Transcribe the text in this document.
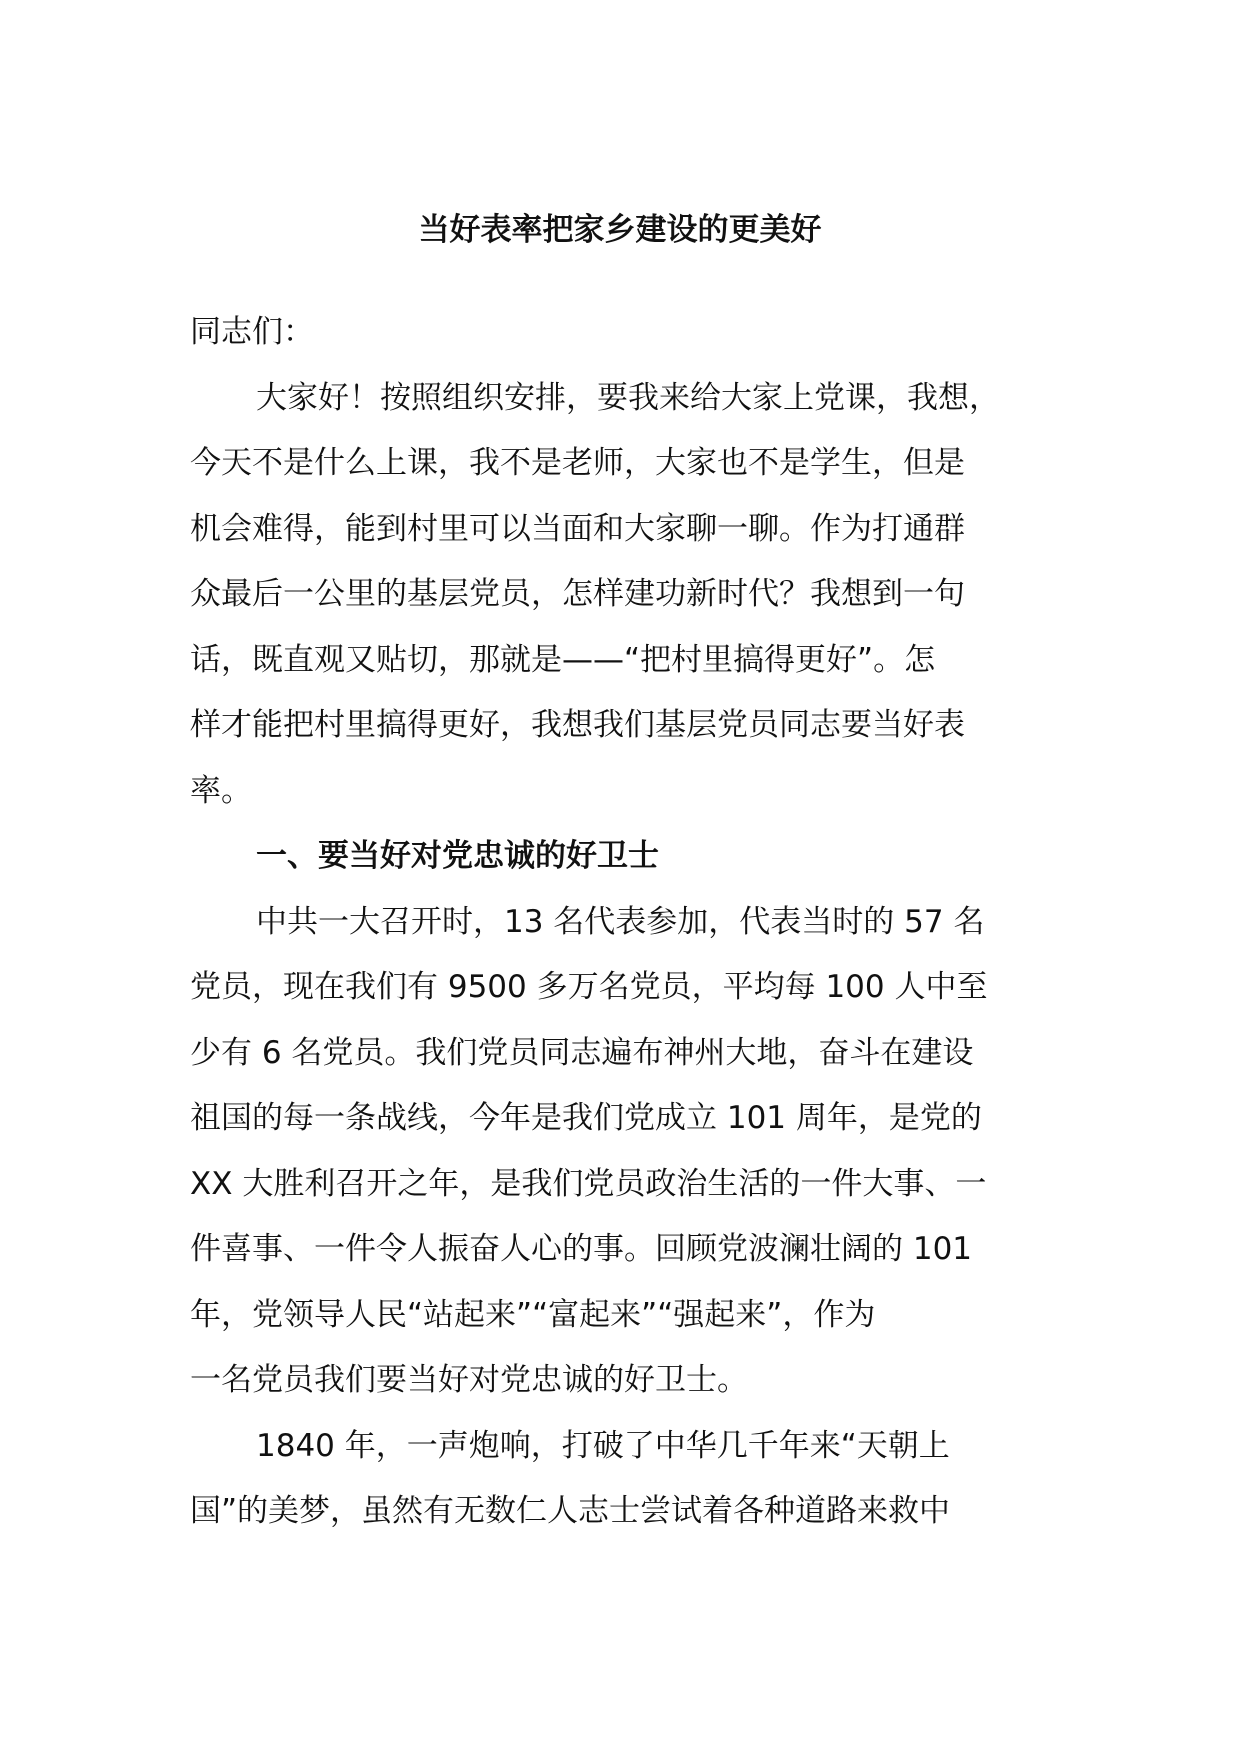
当好表率把家乡建设的更美好

同志们：

大家好！按照组织安排，要我来给大家上党课，我想，
今天不是什么上课，我不是老师，大家也不是学生，但是
机会难得，能到村里可以当面和大家聊一聊。作为打通群
众最后一公里的基层党员，怎样建功新时代？我想到一句
话，既直观又贴切，那就是——“把村里搞得更好”。怎
样才能把村里搞得更好，我想我们基层党员同志要当好表
率。

一、要当好对党忠诚的好卫士

中共一大召开时，13 名代表参加，代表当时的 57 名
党员，现在我们有 9500 多万名党员，平均每 100 人中至
少有 6 名党员。我们党员同志遍布神州大地，奋斗在建设
祖国的每一条战线，今年是我们党成立 101 周年，是党的
XX 大胜利召开之年，是我们党员政治生活的一件大事、一
件喜事、一件令人振奋人心的事。回顾党波澜壮阔的 101
年，党领导人民“站起来”“富起来”“强起来”，作为
一名党员我们要当好对党忠诚的好卫士。

1840 年，一声炮响，打破了中华几千年来“天朝上
国”的美梦，虽然有无数仁人志士尝试着各种道路来救中
